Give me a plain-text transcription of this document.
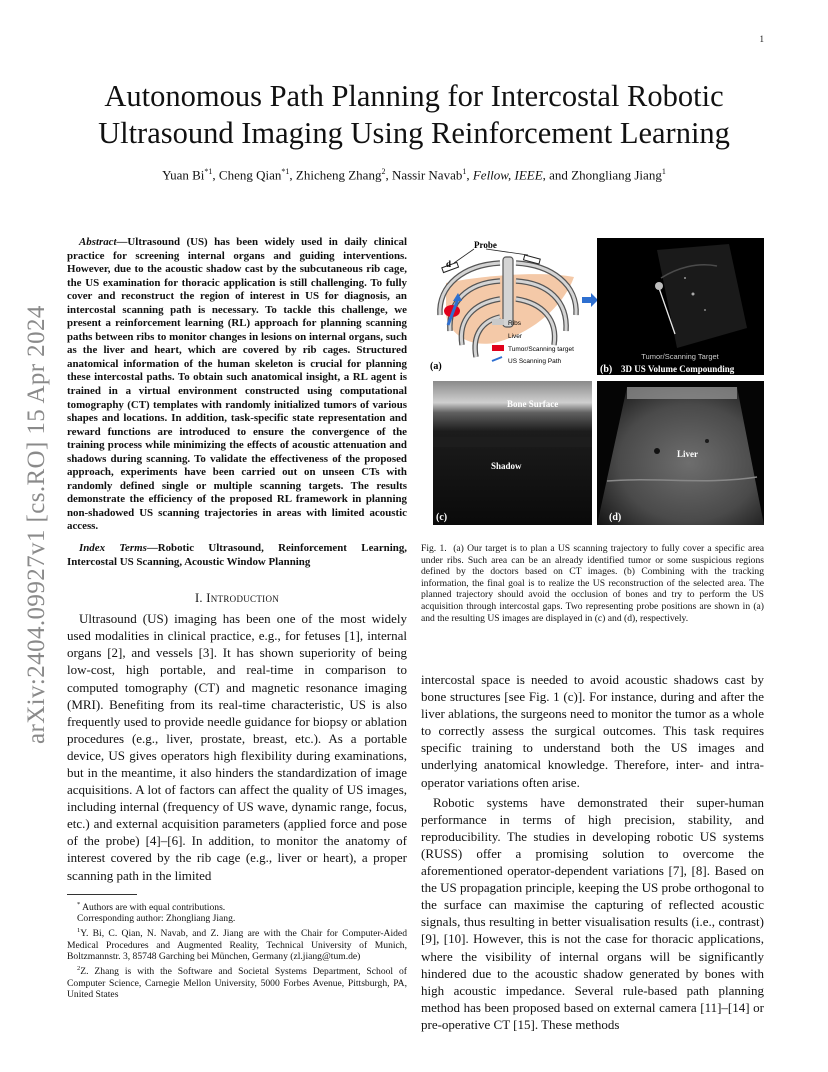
1
arXiv:2404.09927v1 [cs.RO] 15 Apr 2024
Autonomous Path Planning for Intercostal Robotic Ultrasound Imaging Using Reinforcement Learning
Yuan Bi$^{*1}$, Cheng Qian$^{*1}$, Zhicheng Zhang$^2$, Nassir Navab$^1$, Fellow, IEEE, and Zhongliang Jiang$^1$

Abstract—Ultrasound (US) has been widely used in daily clinical practice for screening internal organs and guiding interventions. However, due to the acoustic shadow cast by the subcutaneous rib cage, the US examination for thoracic application is still challenging. To fully cover and reconstruct the region of interest in US for diagnosis, an intercostal scanning path is necessary. To tackle this challenge, we present a reinforcement learning (RL) approach for planning scanning paths between ribs to monitor changes in lesions on internal organs, such as the liver and heart, which are covered by rib cages. Structured anatomical information of the human skeleton is crucial for planning these intercostal paths. To obtain such anatomical insight, a RL agent is trained in a virtual environment constructed using computational tomography (CT) templates with randomly initialized tumors of various shapes and locations. In addition, task-specific state representation and reward functions are introduced to ensure the convergence of the training process while minimizing the effects of acoustic attenuation and shadows during scanning. To validate the effectiveness of the proposed approach, experiments have been carried out on unseen CTs with randomly defined single or multiple scanning targets. The results demonstrate the efficiency of the proposed RL framework in planning non-shadowed US scanning trajectories in areas with limited acoustic access.

Index Terms—Robotic Ultrasound, Reinforcement Learning, Intercostal US Scanning, Acoustic Window Planning

I. Introduction

Ultrasound (US) imaging has been one of the most widely used modalities in clinical practice, e.g., for fetuses [1], internal organs [2], and vessels [3]. It has shown superiority of being low-cost, high portable, and real-time in comparison to computed tomography (CT) and magnetic resonance imaging (MRI). Benefiting from its real-time characteristic, US is also frequently used to provide needle guidance for biopsy or ablation procedures (e.g., liver, prostate, breast, etc.). As a portable device, US gives operators high flexibility during examinations, but in the meantime, it also hinders the standardization of image acquisitions. A lot of factors can affect the quality of US images, including internal (frequency of US wave, dynamic range, focus, etc.) and external acquisition parameters (applied force and pose of the probe) [4]–[6]. In addition, to monitor the anatomy of interest covered by the rib cage (e.g., liver or heart), a proper scanning path in the limited

* Authors are with equal contributions.

Corresponding author: Zhongliang Jiang.

$^1$Y. Bi, C. Qian, N. Navab, and Z. Jiang are with the Chair for Computer-Aided Medical Procedures and Augmented Reality, Technical University of Munich, Boltzmannstr. 3, 85748 Garching bei München, Germany (zl.jiang@tum.de)

$^2$Z. Zhang is with the Software and Societal Systems Department, School of Computer Science, Carnegie Mellon University, 5000 Forbes Avenue, Pittsburgh, PA, United States

Probe
d
Ribs
Liver
Tumor/Scanning target
US Scanning Path
(a)
Tumor/Scanning Target
(b) 3D US Volume Compounding
Bone Surface
Shadow
(c)
Liver
(d)

Fig. 1. (a) Our target is to plan a US scanning trajectory to fully cover a specific area under ribs. Such area can be an already identified tumor or some suspicious regions defined by the doctors based on CT images. (b) Combining with the tracking information, the final goal is to realize the US reconstruction of the selected area. The planned trajectory should avoid the occlusion of bones and try to perform the US acquisition through intercostal gaps. Two representing probe positions are shown in (a) and the resulting US images are displayed in (c) and (d), respectively.

intercostal space is needed to avoid acoustic shadows cast by bone structures [see Fig. 1 (c)]. For instance, during and after the liver ablations, the surgeons need to monitor the tumor as a whole to correctly assess the surgical outcomes. This task requires specific training to understand both the US images and underlying anatomical knowledge. Therefore, inter- and intra-operator variations often arise.

Robotic systems have demonstrated their super-human performance in terms of high precision, stability, and reproducibility. The studies in developing robotic US systems (RUSS) offer a promising solution to overcome the aforementioned operator-dependent variations [7], [8]. Based on the US propagation principle, keeping the US probe orthogonal to the surface can maximise the capturing of reflected acoustic signals, thus resulting in better visualisation results (i.e., contrast) [9], [10]. However, this is not the case for thoracic applications, where the visibility of internal organs will be significantly hindered due to the acoustic shadow generated by bones with high acoustic impedance. Several rule-based path planning method has been proposed based on external camera [11]–[14] or pre-operative CT [15]. These methods
